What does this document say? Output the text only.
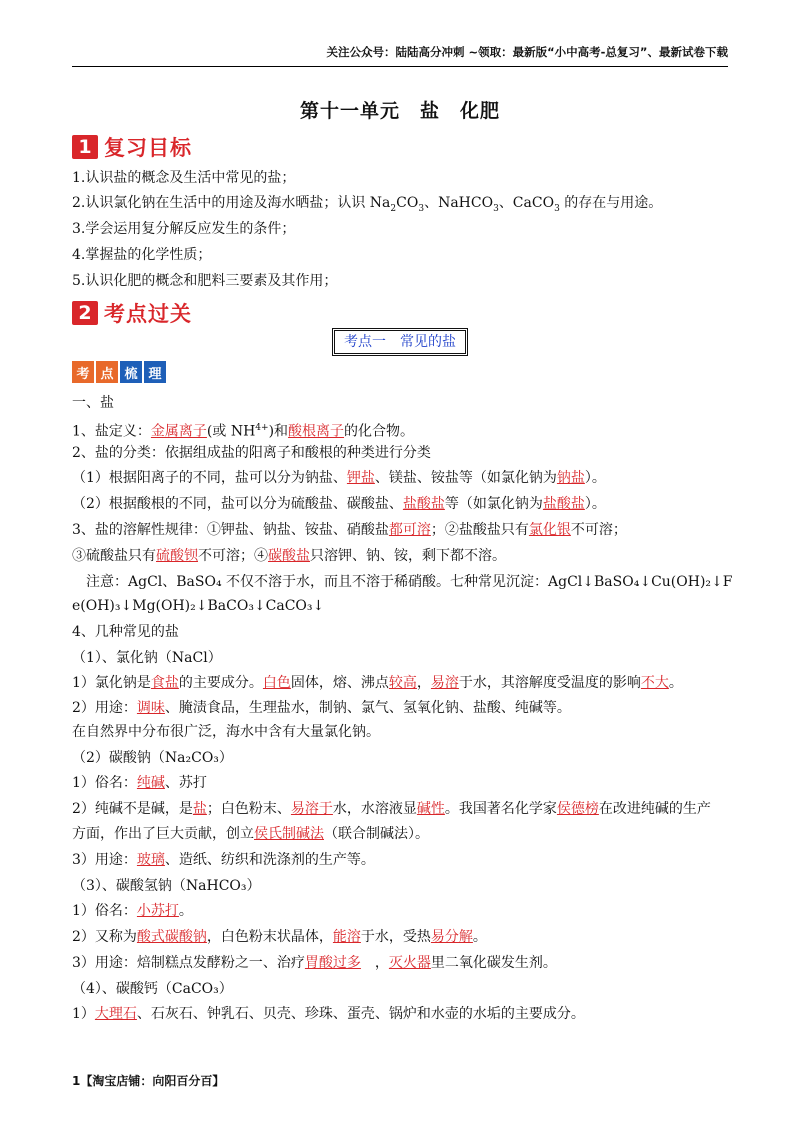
关注公众号：陆陆高分冲刺 ~领取：最新版“小中高考-总复习”、最新试卷下载
第十一单元　盐　化肥
1 复习目标
1.认识盐的概念及生活中常见的盐；
2.认识氯化钠在生活中的用途及海水晒盐；认识 $Na_2CO_3$、NaHCO$_3$、CaCO$_3$ 的存在与用途。
3.学会运用复分解反应发生的条件；
4.掌握盐的化学性质；
5.认识化肥的概念和肥料三要素及其作用；
2 考点过关
考点一　常见的盐
考 点 梳 理
一、盐
1、盐定义：金属离子(或 $NH^{4+}$)和酸根离子的化合物。
2、盐的分类：依据组成盐的阳离子和酸根的种类进行分类
（1）根据阳离子的不同，盐可以分为钠盐、钾盐、镁盐、铵盐等（如氯化钠为钠盐）。
（2）根据酸根的不同，盐可以分为硫酸盐、碳酸盐、盐酸盐等（如氯化钠为盐酸盐）。
3、盐的溶解性规律：①钾盐、钠盐、铵盐、硝酸盐都可溶；②盐酸盐只有氯化银不可溶；
③硫酸盐只有硫酸钡不可溶；④碳酸盐只溶钾、钠、铵，剩下都不溶。
　注意：AgCl、BaSO₄ 不仅不溶于水，而且不溶于稀硝酸。七种常见沉淀：AgCl↓BaSO₄↓Cu(OH)₂↓F
e(OH)₃↓Mg(OH)₂↓BaCO₃↓CaCO₃↓
4、几种常见的盐
（1）、氯化钠（NaCl）
1）氯化钠是食盐的主要成分。白色固体，熔、沸点较高，易溶于水，其溶解度受温度的影响不大。
2）用途：调味、腌渍食品，生理盐水，制钠、氯气、氢氧化钠、盐酸、纯碱等。
在自然界中分布很广泛，海水中含有大量氯化钠。
（2）碳酸钠（Na₂CO₃）
1）俗名：纯碱、苏打
2）纯碱不是碱，是盐；白色粉末、易溶于水，水溶液显碱性。我国著名化学家侯德榜在改进纯碱的生产
方面，作出了巨大贡献，创立侯氏制碱法（联合制碱法）。
3）用途：玻璃、造纸、纺织和洗涤剂的生产等。
（3）、碳酸氢钠（NaHCO₃）
1）俗名：小苏打。
2）又称为酸式碳酸钠，白色粉末状晶体，能溶于水，受热易分解。
3）用途：焙制糕点发酵粉之一、治疗胃酸过多　，灭火器里二氧化碳发生剂。
（4）、碳酸钙（CaCO₃）
1）大理石、石灰石、钟乳石、贝壳、珍珠、蛋壳、锅炉和水壶的水垢的主要成分。
1【淘宝店铺：向阳百分百】
